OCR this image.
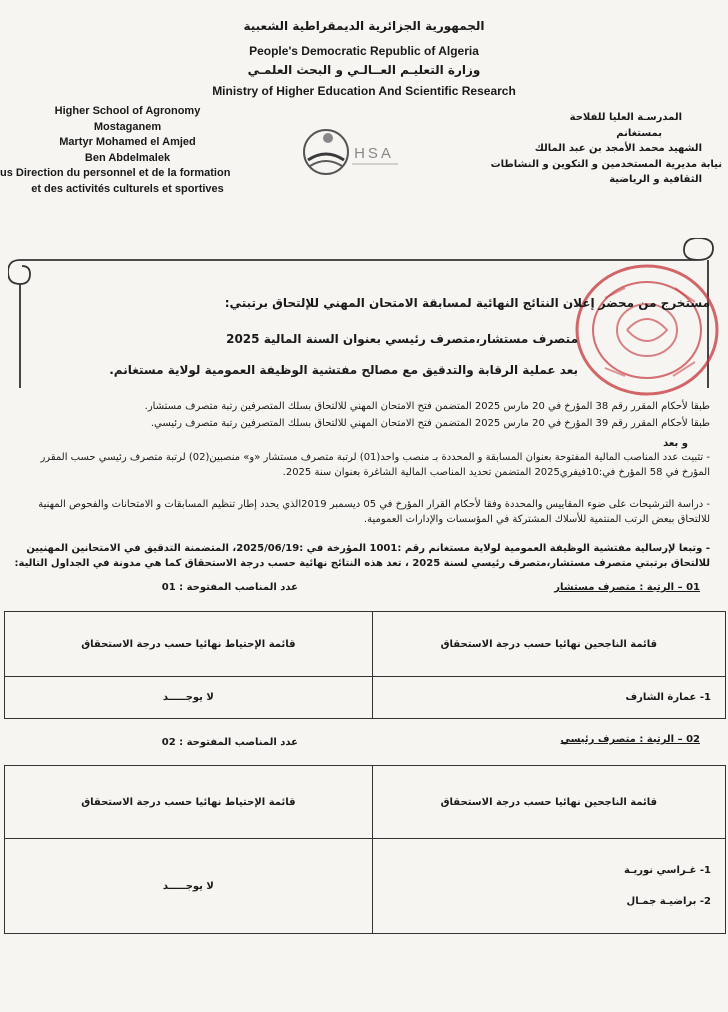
الجمهورية الجزائرية الديمقراطية الشعبية

People's Democratic Republic of Algeria

وزارة التعليـم العــالـي و البحث العلمـي

Ministry of Higher Education And Scientific Research

Higher School of Agronomy
Mostaganem
Martyr Mohamed el Amjed
Ben Abdelmalek
us Direction du personnel et de la formation
et des activités culturels et sportives
المدرسـة العليا للفلاحة
بمستغانم
الشهيد محمد الأمجد بن عبد المالك
نيابة مديرية المستخدمين و التكوين و النشاطات
الثقافية و الرياضية
HSA

مستخرج من محضر إعلان النتائج النهائية لمسابقة الامتحان المهني للإلتحاق برتبتي:

متصرف مستشار،متصرف رئيسي بعنوان السنة المالية 2025

بعد عملية الرقابة والتدقيق مع مصالح مفتشية الوظيفة العمومية لولاية مستغانم.

طبقا لأحكام المقرر رقم 38 المؤرخ في 20 مارس 2025 المتضمن فتح الامتحان المهني للالتحاق بسلك المتصرفين رتبة متصرف مستشار.

طبقا لأحكام المقرر رقم 39 المؤرخ في 20 مارس 2025 المتضمن فتح الامتحان المهني للالتحاق بسلك المتصرفين رتبة متصرف رئيسي.

و بعد

- تثبيت عدد المناصب المالية المفتوحة بعنوان المسابقة و المحددة بـ منصب واحد(01) لرتبة متصرف مستشار «و» منصبين(02) لرتبة متصرف رئيسي حسب المقرر المؤرخ في 58 المؤرخ في:10فيفري2025 المتضمن تحديد المناصب المالية الشاغرة بعنوان سنة 2025.

- دراسة الترشيحات على ضوء المقاييس والمحددة وفقا لأحكام القرار المؤرخ في 05 ديسمبر 2019الذي يحدد إطار تنظيم المسابقات و الامتحانات والفحوص المهنية للالتحاق ببعض الرتب المنتمية للأسلاك المشتركة في المؤسسات والإدارات العمومية.

- وتبعا لإرسالية مفتشية الوظيفة العمومية لولاية مستغانم رقم :1001 المؤرخة في :2025/06/19، المتضمنة التدقيق في الامتحانين المهنيين للالتحاق برتبتي متصرف مستشار،متصرف رئيسي لسنة 2025 ، تعد هذه النتائج نهائية حسب درجة الاستحقاق كما هي مدونة في الجداول التالية:

01 – الرتبة : متصرف مستشار
عدد المناصب المفتوحة : 01
قائمة الناجحين نهائيا حسب درجة الاستحقاق	قائمة الإحتياط نهائيا حسب درجة الاستحقاق

1- عمارة الشارف	لا يوجـــــد
02 – الرتبة : متصرف رئيسي
عدد المناصب المفتوحة : 02
قائمة الناجحين نهائيا حسب درجة الاستحقاق	قائمة الإحتياط نهائيا حسب درجة الاستحقاق

1- غـراسي نوريـة
2- براضيـة جمـال	لا يوجـــــد
